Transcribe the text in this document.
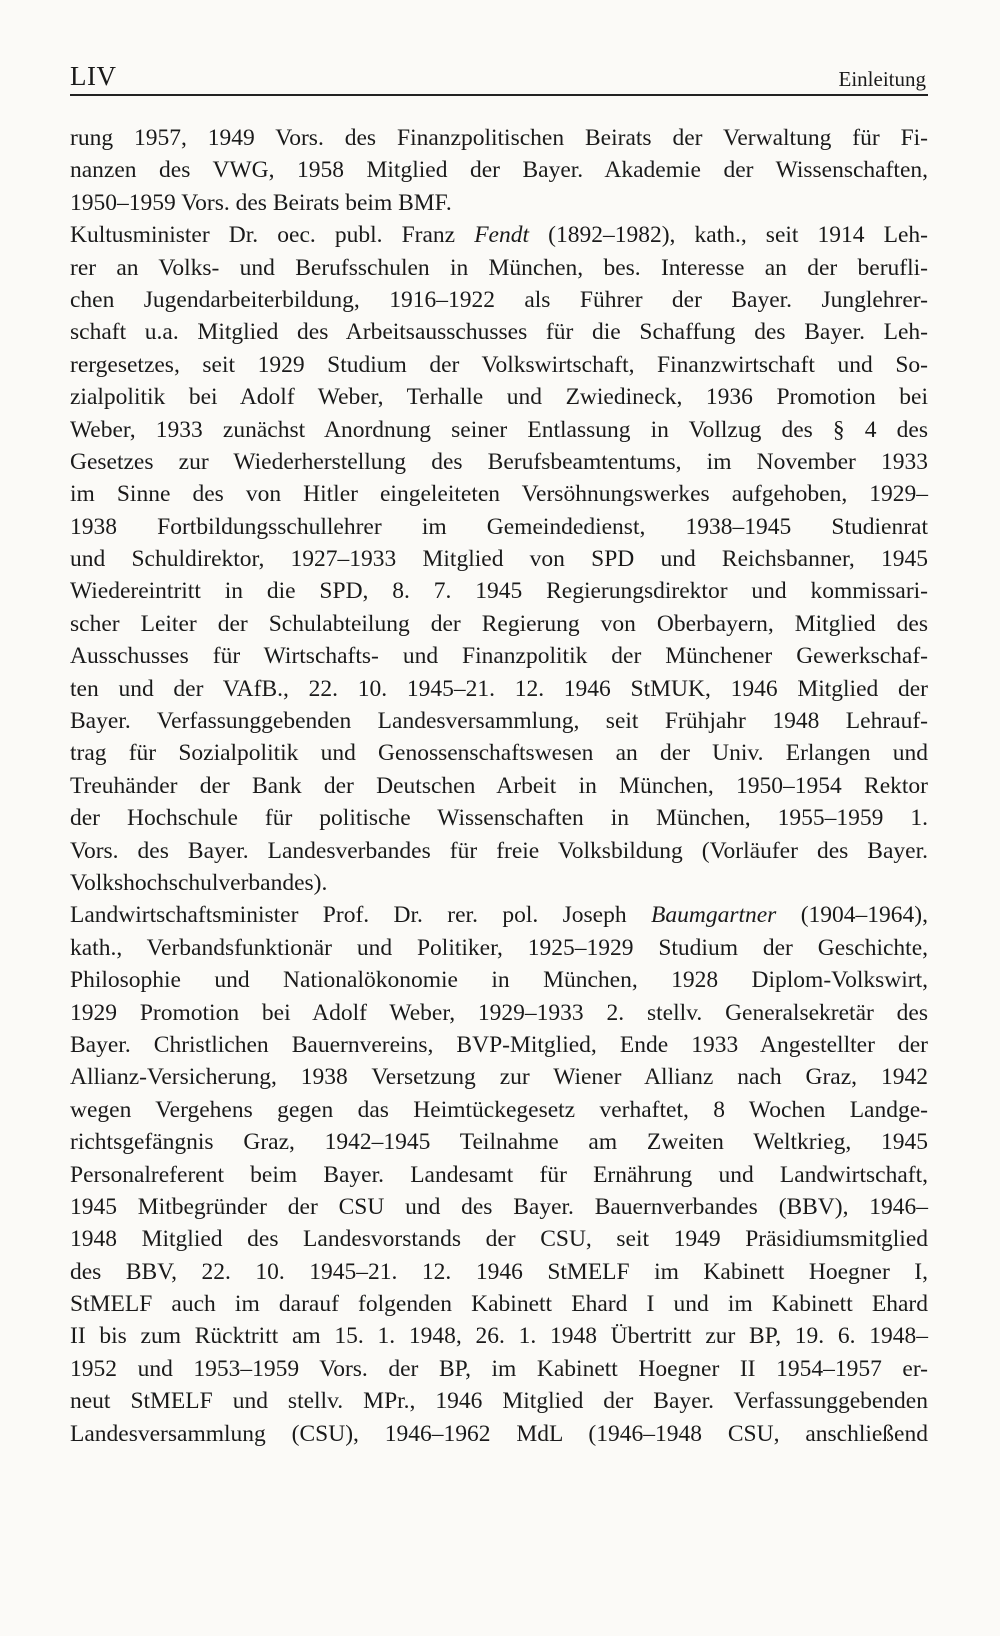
LIV	Einleitung
rung 1957, 1949 Vors. des Finanzpolitischen Beirats der Verwaltung für Fi-
nanzen des VWG, 1958 Mitglied der Bayer. Akademie der Wissenschaften,
1950–1959 Vors. des Beirats beim BMF.
Kultusminister Dr. oec. publ. Franz Fendt (1892–1982), kath., seit 1914 Leh-
rer an Volks- und Berufsschulen in München, bes. Interesse an der berufli-
chen Jugendarbeiterbildung, 1916–1922 als Führer der Bayer. Junglehrer-
schaft u.a. Mitglied des Arbeitsausschusses für die Schaffung des Bayer. Leh-
rergesetzes, seit 1929 Studium der Volkswirtschaft, Finanzwirtschaft und So-
zialpolitik bei Adolf Weber, Terhalle und Zwiedineck, 1936 Promotion bei
Weber, 1933 zunächst Anordnung seiner Entlassung in Vollzug des § 4 des
Gesetzes zur Wiederherstellung des Berufsbeamtentums, im November 1933
im Sinne des von Hitler eingeleiteten Versöhnungswerkes aufgehoben, 1929–
1938 Fortbildungsschullehrer im Gemeindedienst, 1938–1945 Studienrat
und Schuldirektor, 1927–1933 Mitglied von SPD und Reichsbanner, 1945
Wiedereintritt in die SPD, 8. 7. 1945 Regierungsdirektor und kommissari-
scher Leiter der Schulabteilung der Regierung von Oberbayern, Mitglied des
Ausschusses für Wirtschafts- und Finanzpolitik der Münchener Gewerkschaf-
ten und der VAfB., 22. 10. 1945–21. 12. 1946 StMUK, 1946 Mitglied der
Bayer. Verfassunggebenden Landesversammlung, seit Frühjahr 1948 Lehrauf-
trag für Sozialpolitik und Genossenschaftswesen an der Univ. Erlangen und
Treuhänder der Bank der Deutschen Arbeit in München, 1950–1954 Rektor
der Hochschule für politische Wissenschaften in München, 1955–1959 1.
Vors. des Bayer. Landesverbandes für freie Volksbildung (Vorläufer des Bayer.
Volkshochschulverbandes).
Landwirtschaftsminister Prof. Dr. rer. pol. Joseph Baumgartner (1904–1964),
kath., Verbandsfunktionär und Politiker, 1925–1929 Studium der Geschichte,
Philosophie und Nationalökonomie in München, 1928 Diplom-Volkswirt,
1929 Promotion bei Adolf Weber, 1929–1933 2. stellv. Generalsekretär des
Bayer. Christlichen Bauernvereins, BVP-Mitglied, Ende 1933 Angestellter der
Allianz-Versicherung, 1938 Versetzung zur Wiener Allianz nach Graz, 1942
wegen Vergehens gegen das Heimtückegesetz verhaftet, 8 Wochen Landge-
richtsgefängnis Graz, 1942–1945 Teilnahme am Zweiten Weltkrieg, 1945
Personalreferent beim Bayer. Landesamt für Ernährung und Landwirtschaft,
1945 Mitbegründer der CSU und des Bayer. Bauernverbandes (BBV), 1946–
1948 Mitglied des Landesvorstands der CSU, seit 1949 Präsidiumsmitglied
des BBV, 22. 10. 1945–21. 12. 1946 StMELF im Kabinett Hoegner I,
StMELF auch im darauf folgenden Kabinett Ehard I und im Kabinett Ehard
II bis zum Rücktritt am 15. 1. 1948, 26. 1. 1948 Übertritt zur BP, 19. 6. 1948–
1952 und 1953–1959 Vors. der BP, im Kabinett Hoegner II 1954–1957 er-
neut StMELF und stellv. MPr., 1946 Mitglied der Bayer. Verfassunggebenden
Landesversammlung (CSU), 1946–1962 MdL (1946–1948 CSU, anschließend
